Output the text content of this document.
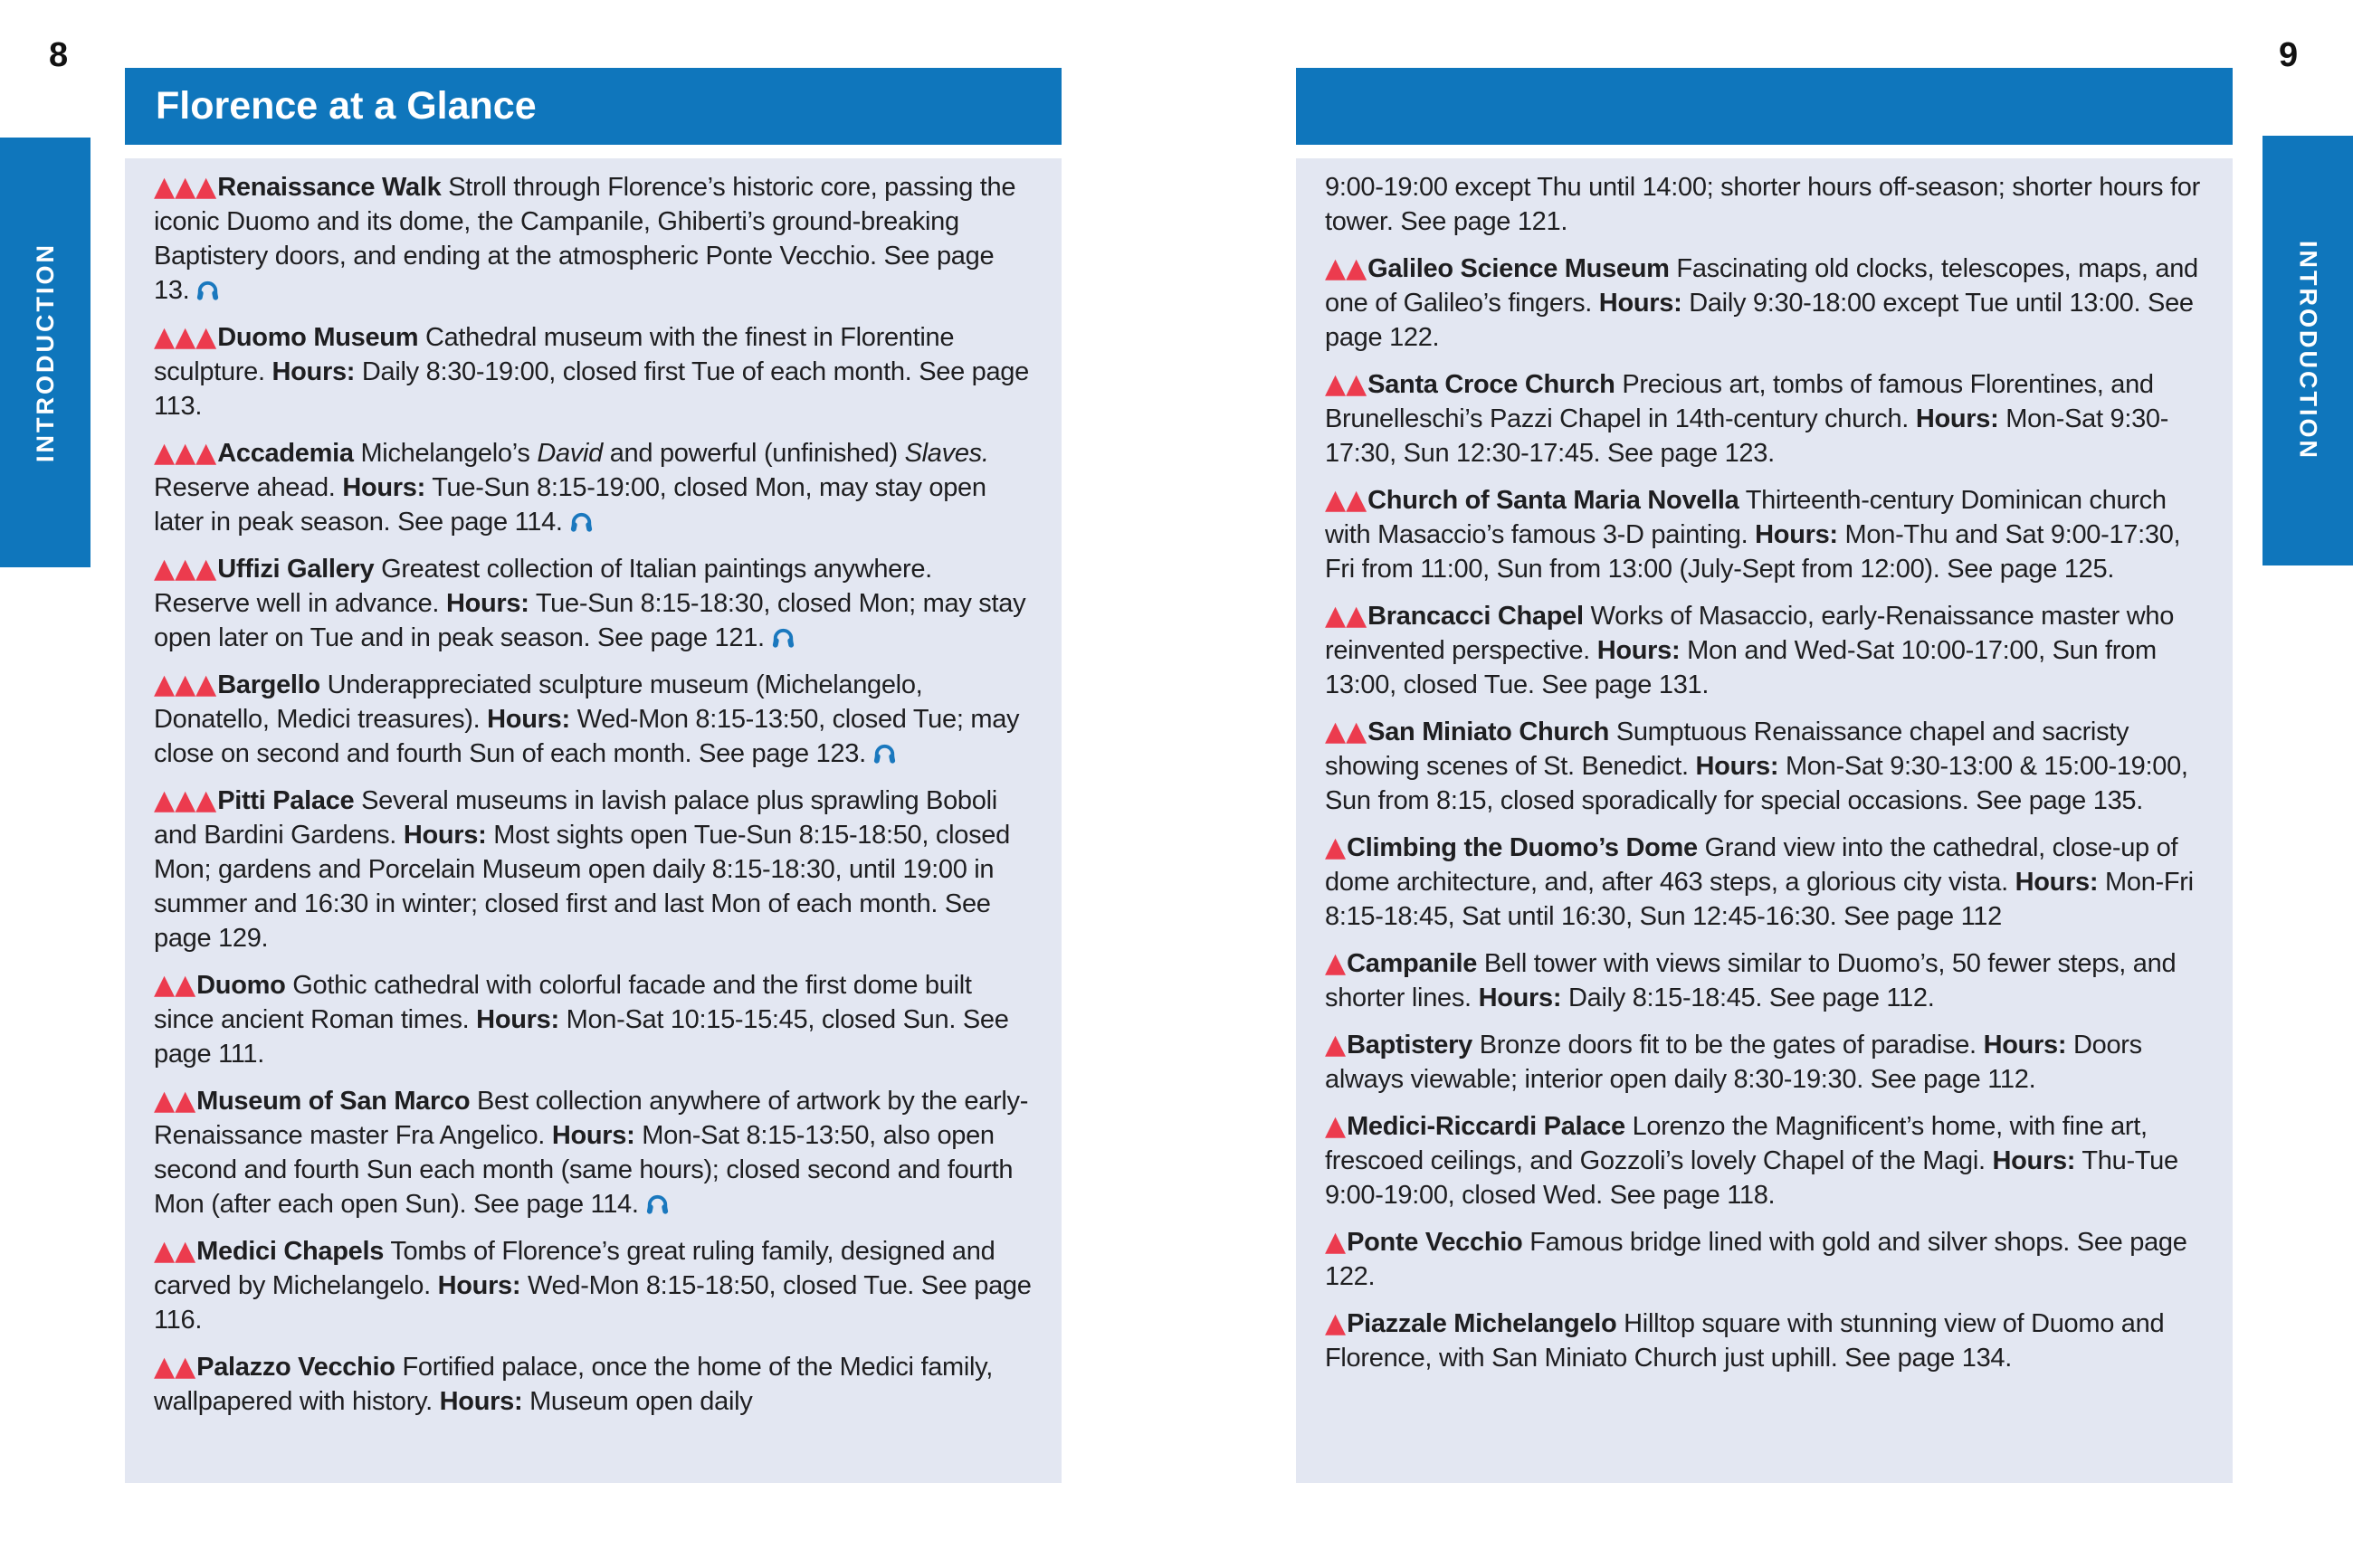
8	9
INTRODUCTION	INTRODUCTION
Florence at a Glance

▲▲▲Renaissance Walk Stroll through Florence’s historic core, passing the iconic Duomo and its dome, the Campanile, Ghiberti’s ground-breaking Baptistery doors, and ending at the atmospheric Ponte Vecchio. See page 13.

▲▲▲Duomo Museum Cathedral museum with the finest in Florentine sculpture. Hours: Daily 8:30-19:00, closed first Tue of each month. See page 113.

▲▲▲Accademia Michelangelo’s David and powerful (unfinished) Slaves. Reserve ahead. Hours: Tue-Sun 8:15-19:00, closed Mon, may stay open later in peak season. See page 114.

▲▲▲Uffizi Gallery Greatest collection of Italian paintings anywhere. Reserve well in advance. Hours: Tue-Sun 8:15-18:30, closed Mon; may stay open later on Tue and in peak season. See page 121.

▲▲▲Bargello Underappreciated sculpture museum (Michelangelo, Donatello, Medici treasures). Hours: Wed-Mon 8:15-13:50, closed Tue; may close on second and fourth Sun of each month. See page 123.

▲▲▲Pitti Palace Several museums in lavish palace plus sprawling Boboli and Bardini Gardens. Hours: Most sights open Tue-Sun 8:15-18:50, closed Mon; gardens and Porcelain Museum open daily 8:15-18:30, until 19:00 in summer and 16:30 in winter; closed first and last Mon of each month. See page 129.

▲▲Duomo Gothic cathedral with colorful facade and the first dome built since ancient Roman times. Hours: Mon-Sat 10:15-15:45, closed Sun. See page 111.

▲▲Museum of San Marco Best collection anywhere of artwork by the early-Renaissance master Fra Angelico. Hours: Mon-Sat 8:15-13:50, also open second and fourth Sun each month (same hours); closed second and fourth Mon (after each open Sun). See page 114.

▲▲Medici Chapels Tombs of Florence’s great ruling family, designed and carved by Michelangelo. Hours: Wed-Mon 8:15-18:50, closed Tue. See page 116.

▲▲Palazzo Vecchio Fortified palace, once the home of the Medici family, wallpapered with history. Hours: Museum open daily

9:00-19:00 except Thu until 14:00; shorter hours off-season; shorter hours for tower. See page 121.

▲▲Galileo Science Museum Fascinating old clocks, telescopes, maps, and one of Galileo’s fingers. Hours: Daily 9:30-18:00 except Tue until 13:00. See page 122.

▲▲Santa Croce Church Precious art, tombs of famous Florentines, and Brunelleschi’s Pazzi Chapel in 14th-century church. Hours: Mon-Sat 9:30-17:30, Sun 12:30-17:45. See page 123.

▲▲Church of Santa Maria Novella Thirteenth-century Dominican church with Masaccio’s famous 3-D painting. Hours: Mon-Thu and Sat 9:00-17:30, Fri from 11:00, Sun from 13:00 (July-Sept from 12:00). See page 125.

▲▲Brancacci Chapel Works of Masaccio, early-Renaissance master who reinvented perspective. Hours: Mon and Wed-Sat 10:00-17:00, Sun from 13:00, closed Tue. See page 131.

▲▲San Miniato Church Sumptuous Renaissance chapel and sacristy showing scenes of St. Benedict. Hours: Mon-Sat 9:30-13:00 & 15:00-19:00, Sun from 8:15, closed sporadically for special occasions. See page 135.

▲Climbing the Duomo’s Dome Grand view into the cathedral, close-up of dome architecture, and, after 463 steps, a glorious city vista. Hours: Mon-Fri 8:15-18:45, Sat until 16:30, Sun 12:45-16:30. See page 112

▲Campanile Bell tower with views similar to Duomo’s, 50 fewer steps, and shorter lines. Hours: Daily 8:15-18:45. See page 112.

▲Baptistery Bronze doors fit to be the gates of paradise. Hours: Doors always viewable; interior open daily 8:30-19:30. See page 112.

▲Medici-Riccardi Palace Lorenzo the Magnificent’s home, with fine art, frescoed ceilings, and Gozzoli’s lovely Chapel of the Magi. Hours: Thu-Tue 9:00-19:00, closed Wed. See page 118.

▲Ponte Vecchio Famous bridge lined with gold and silver shops. See page 122.

▲Piazzale Michelangelo Hilltop square with stunning view of Duomo and Florence, with San Miniato Church just uphill. See page 134.
